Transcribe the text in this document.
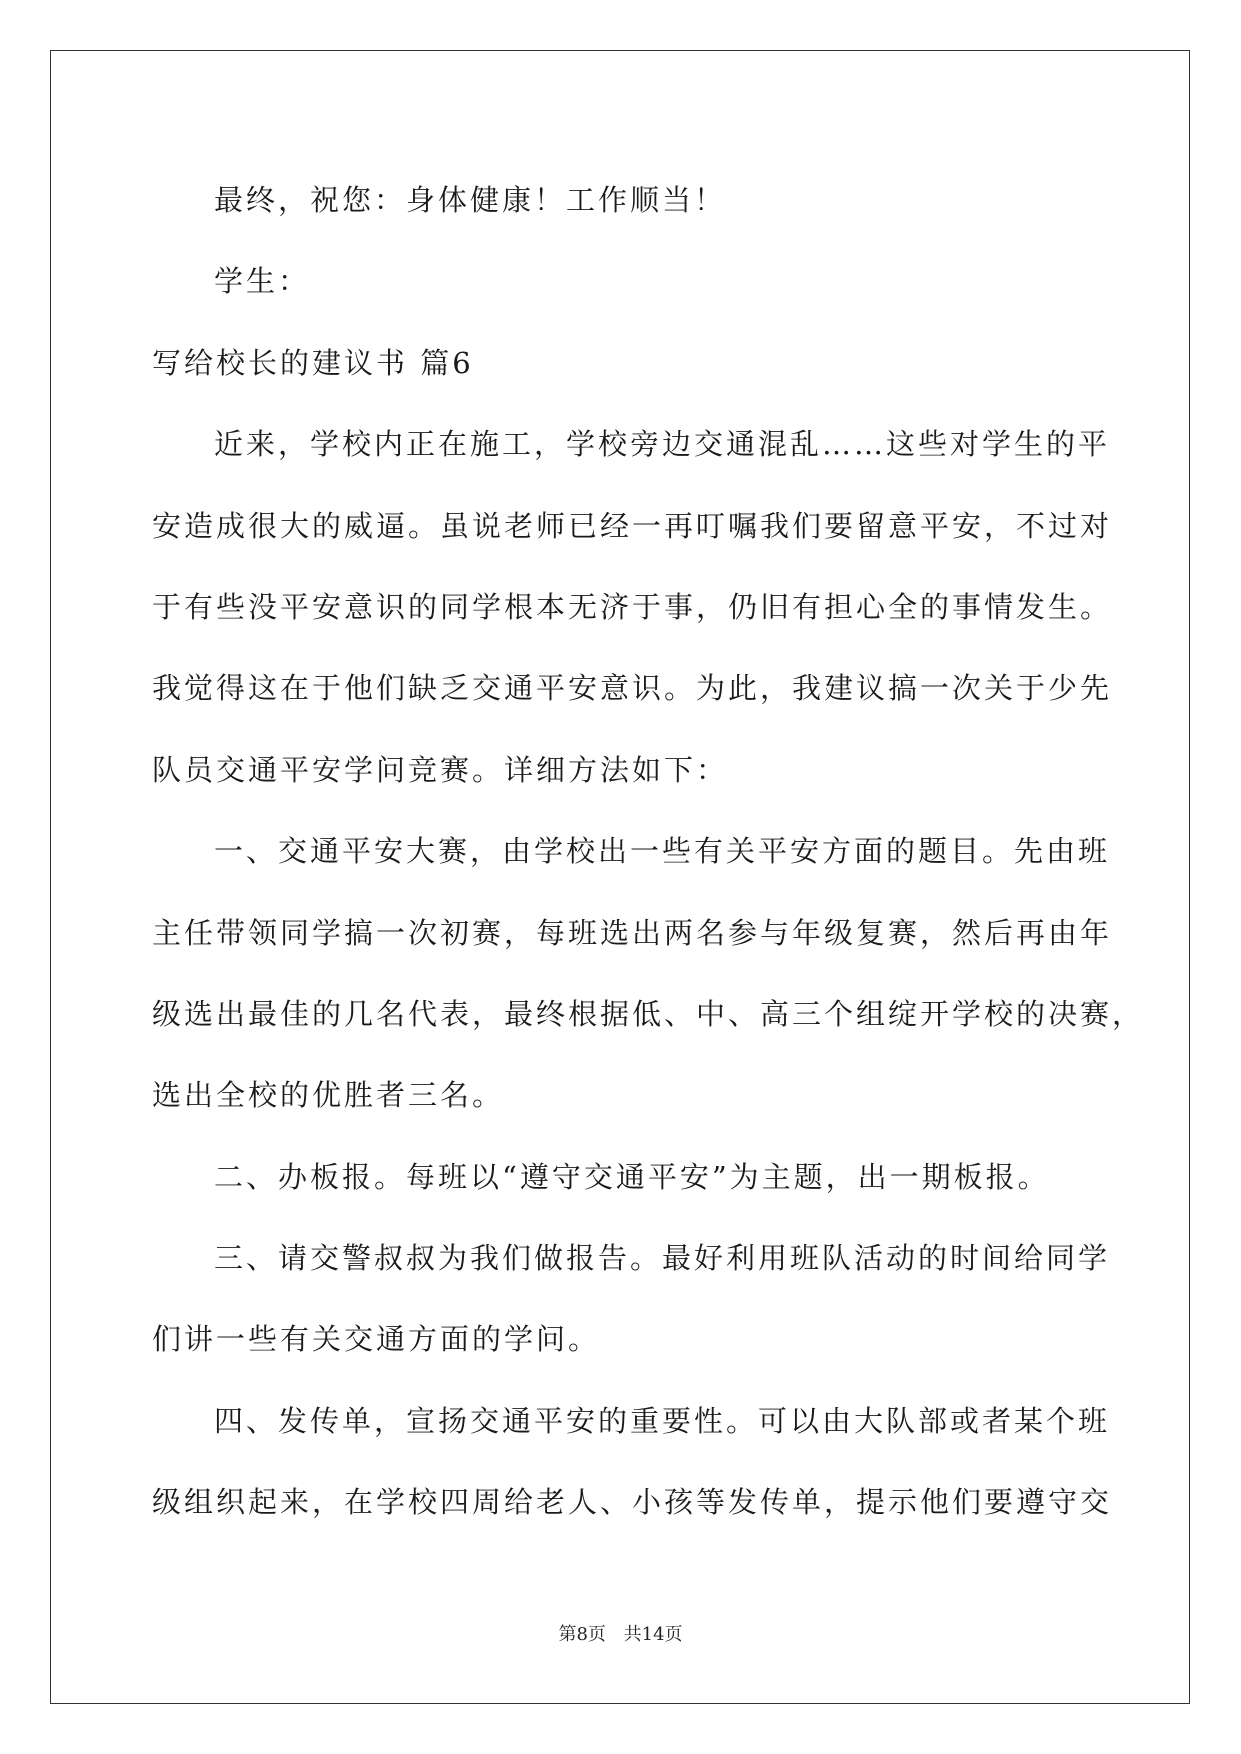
最终，祝您：身体健康！工作顺当！

学生：

写给校长的建议书 篇6

近来，学校内正在施工，学校旁边交通混乱……这些对学生的平

安造成很大的威逼。虽说老师已经一再叮嘱我们要留意平安，不过对

于有些没平安意识的同学根本无济于事，仍旧有担心全的事情发生。

我觉得这在于他们缺乏交通平安意识。为此，我建议搞一次关于少先

队员交通平安学问竞赛。详细方法如下：

一、交通平安大赛，由学校出一些有关平安方面的题目。先由班

主任带领同学搞一次初赛，每班选出两名参与年级复赛，然后再由年

级选出最佳的几名代表，最终根据低、中、高三个组绽开学校的决赛，

选出全校的优胜者三名。

二、办板报。每班以“遵守交通平安”为主题，出一期板报。

三、请交警叔叔为我们做报告。最好利用班队活动的时间给同学

们讲一些有关交通方面的学问。

四、发传单，宣扬交通平安的重要性。可以由大队部或者某个班

级组织起来，在学校四周给老人、小孩等发传单，提示他们要遵守交

第8页 共14页
